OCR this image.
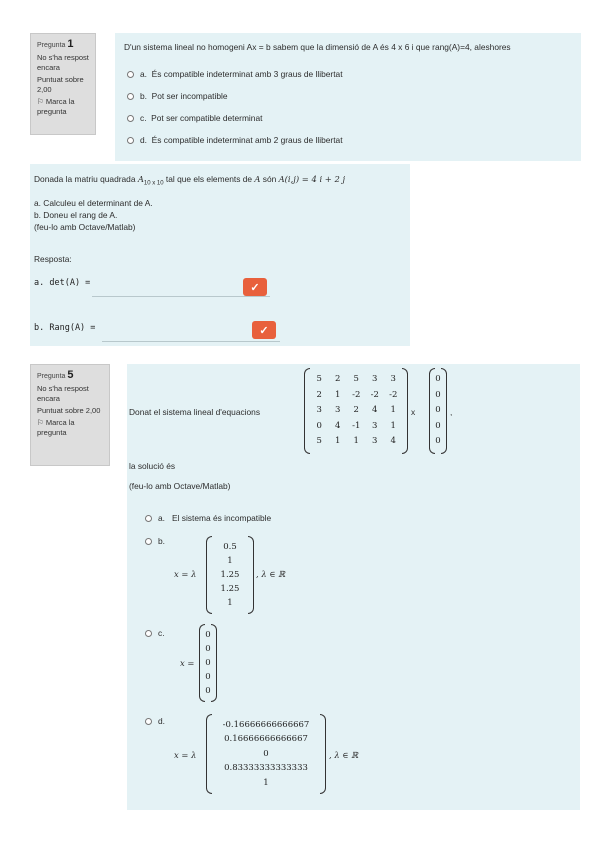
Pregunta 1
No s'ha respost encara
Puntuat sobre 2,00
⚐ Marca la pregunta
D'un sistema lineal no homogeni Ax = b sabem que la dimensió de A és 4 x 6 i que rang(A)=4, aleshores
a.
És compatible indeterminat amb 3 graus de llibertat
b.
Pot ser incompatible
c.
Pot ser compatible determinat
d.
És compatible indeterminat amb 2 graus de llibertat
Donada la matriu quadrada $A_{10 x 10}$ tal que els elements de A són A(i,j) = 4 i + 2 j
a. Calculeu el determinant de A.
b. Doneu el rang de A.
(feu-lo amb Octave/Matlab)
Resposta:
a. det(A) =	✓
b. Rang(A) =	✓
Pregunta 5
No s'ha respost encara
Puntuat sobre 2,00
⚐ Marca la pregunta
Donat el sistema lineal d'equacions
5	2	5	3	3
2	1	-2	-2	-2
3	3	2	4	1
0	4	-1	3	1
5	1	1	3	4
x
0
0
0
0
0
,
la solució és
(feu-lo amb Octave/Matlab)
a.
El sistema és incompatible
b.
x = λ
0.5
1
1.25
1.25
1
, λ ∈ ℝ
c.
x =
0
0
0
0
0
d.
x = λ
-0.16666666666667
0.16666666666667
0
0.83333333333333
1
, λ ∈ ℝ
